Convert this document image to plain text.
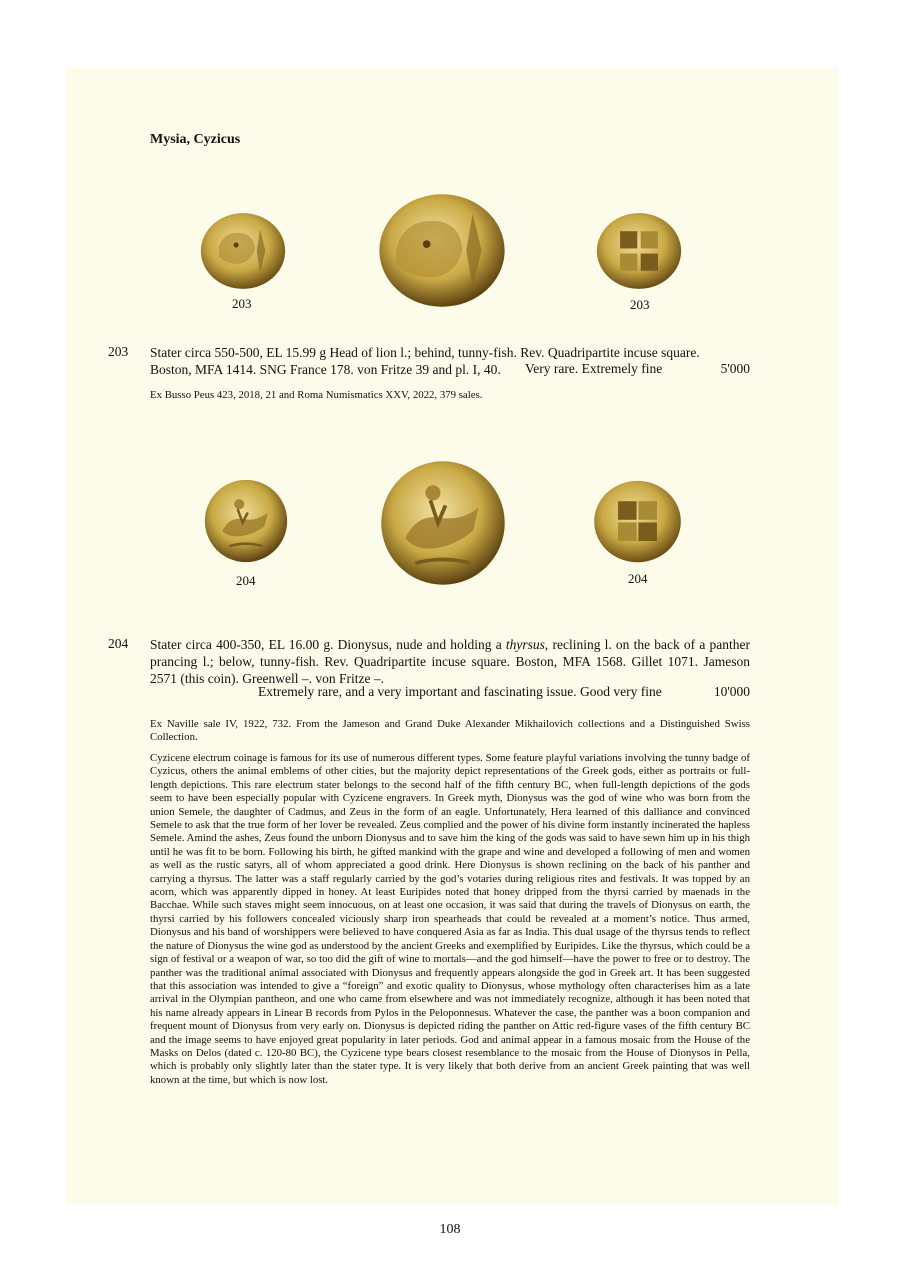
Mysia, Cyzicus
203	203
203 Stater circa 550-500, EL 15.99 g Head of lion l.; behind, tunny-fish. Rev. Quadripartite incuse square.
Boston, MFA 1414. SNG France 178. von Fritze 39 and pl. I, 40.	Very rare. Extremely fine	5'000
Ex Busso Peus 423, 2018, 21 and Roma Numismatics XXV, 2022, 379 sales.
204	204
204 Stater circa 400-350, EL 16.00 g. Dionysus, nude and holding a thyrsus, reclining l. on the back of a panther prancing l.; below, tunny-fish. Rev. Quadripartite incuse square. Boston, MFA 1568. Gillet 1071. Jameson 2571 (this coin). Greenwell –. von Fritze –.
Extremely rare, and a very important and fascinating issue. Good very fine	10'000
Ex Naville sale IV, 1922, 732. From the Jameson and Grand Duke Alexander Mikhailovich collections and a Distinguished Swiss Collection.
Cyzicene electrum coinage is famous for its use of numerous different types. Some feature playful variations involving the tunny badge of Cyzicus, others the animal emblems of other cities, but the majority depict representations of the Greek gods, either as portraits or full-length depictions. This rare electrum stater belongs to the second half of the fifth century BC, when full-length depictions of the gods seem to have been especially popular with Cyzicene engravers. In Greek myth, Dionysus was the god of wine who was born from the union Semele, the daughter of Cadmus, and Zeus in the form of an eagle. Unfortunately, Hera learned of this dalliance and convinced Semele to ask that the true form of her lover be revealed. Zeus complied and the power of his divine form instantly incinerated the hapless Semele. Amind the ashes, Zeus found the unborn Dionysus and to save him the king of the gods was said to have sewn him up in his thigh until he was fit to be born. Following his birth, he gifted mankind with the grape and wine and developed a following of men and women as well as the rustic satyrs, all of whom appreciated a good drink. Here Dionysus is shown reclining on the back of his panther and carrying a thyrsus. The latter was a staff regularly carried by the god’s votaries during religious rites and festivals. It was topped by an acorn, which was apparently dipped in honey. At least Euripides noted that honey dripped from the thyrsi carried by maenads in the Bacchae. While such staves might seem innocuous, on at least one occasion, it was said that during the travels of Dionysus on earth, the thyrsi carried by his followers concealed viciously sharp iron spearheads that could be revealed at a moment’s notice. Thus armed, Dionysus and his band of worshippers were believed to have conquered Asia as far as India. This dual usage of the thyrsus tends to reflect the nature of Dionysus the wine god as understood by the ancient Greeks and exemplified by Euripides. Like the thyrsus, which could be a sign of festival or a weapon of war, so too did the gift of wine to mortals—and the god himself—have the power to free or to destroy. The panther was the traditional animal associated with Dionysus and frequently appears alongside the god in Greek art. It has been suggested that this association was intended to give a “foreign” and exotic quality to Dionysus, whose mythology often characterises him as a late arrival in the Olympian pantheon, and one who came from elsewhere and was not immediately recognize, although it has been noted that his name already appears in Linear B records from Pylos in the Peloponnesus. Whatever the case, the panther was a boon companion and frequent mount of Dionysus from very early on. Dionysus is depicted riding the panther on Attic red-figure vases of the fifth century BC and the image seems to have enjoyed great popularity in later periods. God and animal appear in a famous mosaic from the House of the Masks on Delos (dated c. 120-80 BC), the Cyzicene type bears closest resemblance to the mosaic from the House of Dionysos in Pella, which is probably only slightly later than the stater type. It is very likely that both derive from an ancient Greek painting that was well known at the time, but which is now lost.
108
